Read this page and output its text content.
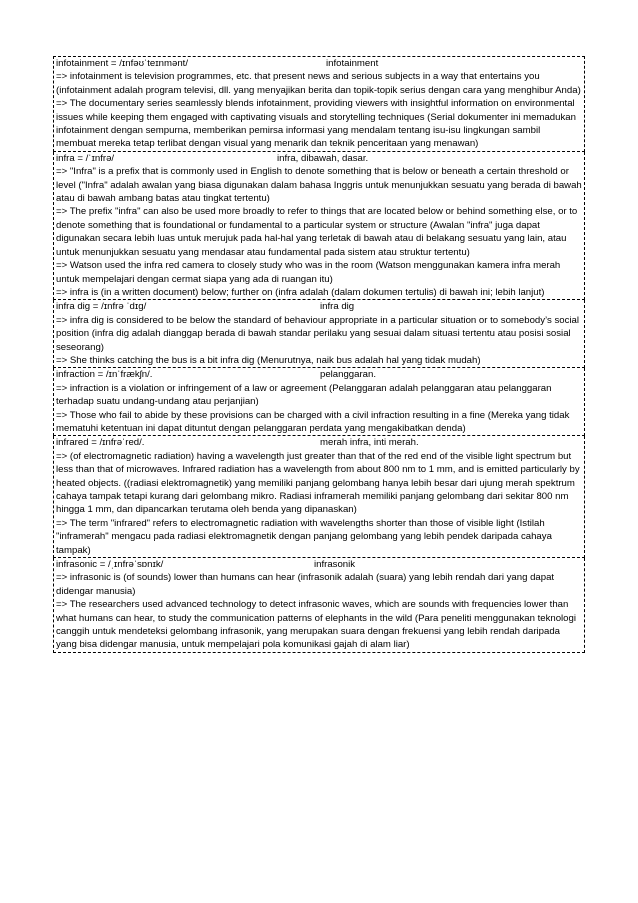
infotainment = /ɪnfəʊˈteɪnmənt/	infotainment
=> infotainment is television programmes, etc. that present news and serious subjects in a way that entertains you (infotainment adalah program televisi, dll. yang menyajikan berita dan topik-topik serius dengan cara yang menghibur Anda)
=> The documentary series seamlessly blends infotainment, providing viewers with insightful information on environmental issues while keeping them engaged with captivating visuals and storytelling techniques (Serial dokumenter ini memadukan infotainment dengan sempurna, memberikan pemirsa informasi yang mendalam tentang isu-isu lingkungan sambil membuat mereka tetap terlibat dengan visual yang menarik dan teknik penceritaan yang menawan)
infra = /ˈɪnfrə/	infra, dibawah, dasar.
=> "Infra" is a prefix that is commonly used in English to denote something that is below or beneath a certain threshold or level ("Infra" adalah awalan yang biasa digunakan dalam bahasa Inggris untuk menunjukkan sesuatu yang berada di bawah atau di bawah ambang batas atau tingkat tertentu)
=> The prefix "infra" can also be used more broadly to refer to things that are located below or behind something else, or to denote something that is foundational or fundamental to a particular system or structure (Awalan "infra" juga dapat digunakan secara lebih luas untuk merujuk pada hal-hal yang terletak di bawah atau di belakang sesuatu yang lain, atau untuk menunjukkan sesuatu yang mendasar atau fundamental pada sistem atau struktur tertentu)
=> Watson used the infra red camera to closely study who was in the room (Watson menggunakan kamera infra merah untuk mempelajari dengan cermat siapa yang ada di ruangan itu)
=> infra is (in a written document) below; further on (infra adalah (dalam dokumen tertulis) di bawah ini; lebih lanjut)
infra dig = /ɪnfrə ˈdɪɡ/	infra dig
=> infra dig is considered to be below the standard of behaviour appropriate in a particular situation or to somebody’s social position (infra dig adalah dianggap berada di bawah standar perilaku yang sesuai dalam situasi tertentu atau posisi sosial seseorang)
=> She thinks catching the bus is a bit infra dig (Menurutnya, naik bus adalah hal yang tidak mudah)
infraction = /ɪnˈfrækʃn/.	pelanggaran.
=> infraction is a violation or infringement of a law or agreement (Pelanggaran adalah pelanggaran atau pelanggaran terhadap suatu undang-undang atau perjanjian)
=> Those who fail to abide by these provisions can be charged with a civil infraction resulting in a fine (Mereka yang tidak mematuhi ketentuan ini dapat dituntut dengan pelanggaran perdata yang mengakibatkan denda)
infrared = /ɪnfrəˈred/.	merah infra, inti merah.
=> (of electromagnetic radiation) having a wavelength just greater than that of the red end of the visible light spectrum but less than that of microwaves. Infrared radiation has a wavelength from about 800 nm to 1 mm, and is emitted particularly by heated objects. ((radiasi elektromagnetik) yang memiliki panjang gelombang hanya lebih besar dari ujung merah spektrum cahaya tampak tetapi kurang dari gelombang mikro. Radiasi inframerah memiliki panjang gelombang dari sekitar 800 nm hingga 1 mm, dan dipancarkan terutama oleh benda yang dipanaskan)
=> The term "infrared" refers to electromagnetic radiation with wavelengths shorter than those of visible light (Istilah "inframerah" mengacu pada radiasi elektromagnetik dengan panjang gelombang yang lebih pendek daripada cahaya tampak)
infrasonic = /ˌɪnfrəˈsɒnɪk/	infrasonik
=> infrasonic is (of sounds) lower than humans can hear (infrasonik adalah (suara) yang lebih rendah dari yang dapat didengar manusia)
=> The researchers used advanced technology to detect infrasonic waves, which are sounds with frequencies lower than what humans can hear, to study the communication patterns of elephants in the wild (Para peneliti menggunakan teknologi canggih untuk mendeteksi gelombang infrasonik, yang merupakan suara dengan frekuensi yang lebih rendah daripada yang bisa didengar manusia, untuk mempelajari pola komunikasi gajah di alam liar)
